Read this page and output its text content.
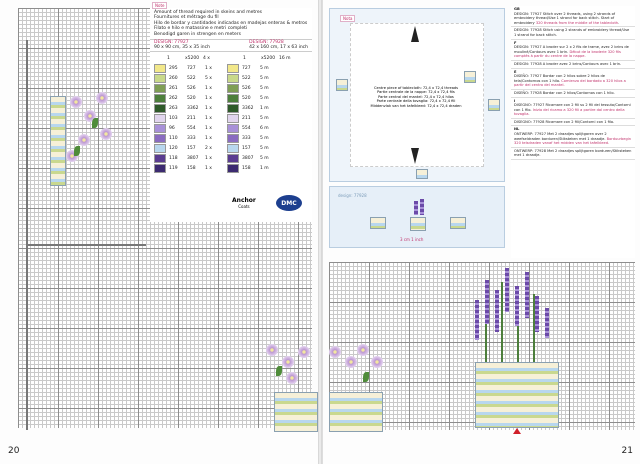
Amount of thread required in skeins and metres
Fournitures et métrage du fil
Hilo de bordar y cantidades indicadas en madejas enteras & metros
Filato e hilo e matassine e metri completi
Benodigd garen in strengen en meters
DESIGN: 77927
90 x 90 cm, 35 x 35 inch
DESIGN: 77928
42 x 160 cm, 17 x 63 inch
1	x5200 4 x	1	x5200 16 m
295	727	1 x	727	5 m
260	522	5 x	522	5 m
261	526	1 x	526	5 m
262	520	1 x	520	5 m
263	3362	1 x	3362	1 m
103	211	1 x	211	5 m
96	554	1 x	554	6 m
110	333	1 x	333	5 m
120	157	2 x	157	5 m
118	3807	1 x	3807	5 m
119	158	1 x	158	1 m
Anchor
Coats	DMC
Note
20
Nota
Centre piece of tablecloth: 72,4 x 72,4 threads
Partie centrale de la nappe: 72,4 x 72,4 fils
Parte central del mantel: 72,4 x 72,4 hilos
Parte centrale della tovaglia: 72,4 x 72,4 fili
Middenvlak van het tafelkleed: 72,4 x 72,4 draden
design: 77928
3 cm 1 inch
GB
DESIGN: 77927 Stitch over 2 threads, using 2 strands of embroidery thread/Use 1 strand for back stitch. Start of embroidery 320 threads from the middle of the tablecloth.
DESIGN: 77928 Stitch using 2 strands of embroidery thread/Use 1 strand for back stitch.
F
DESIGN: 77927 A broder sur 2 x 2 fils de trame, avec 2 brins de mouliné/Contours avec 1 brin. Début de la broderie 320 fils comptés à partir du centre de la nappe.
DESIGN: 77928 A broder avec 2 brins/Contours avec 1 brin.
E
DISEÑO: 77927 Bordar con 2 hilos sobre 2 hilos de tela/Contornos con 1 hilo. Comienzo del bordado a 320 hilos a partir del centro del mantel.
DISEÑO: 77928 Bordar con 2 hilos/Contornos con 1 hilo.
I
DISEGNO: 77927 Ricamare con 2 fili su 2 fili del tessuto/Contorni con 1 filo. Inizio del ricamo a 320 fili a partire dal centro della tovaglia.
DISEGNO: 77928 Ricamare con 2 fili/Contorni con 1 filo.
NL
ONTWERP: 77927 Met 2 draadjes splijtgaren over 2 weefseldraden borduren/Stiksteken met 1 draadje. Borduurbegin 320 telsdraden vanaf het midden van het tafelkleed.
ONTWERP: 77928 Met 2 draadjes splijtgaren borduren/Stiksteken met 1 draadje.
21
